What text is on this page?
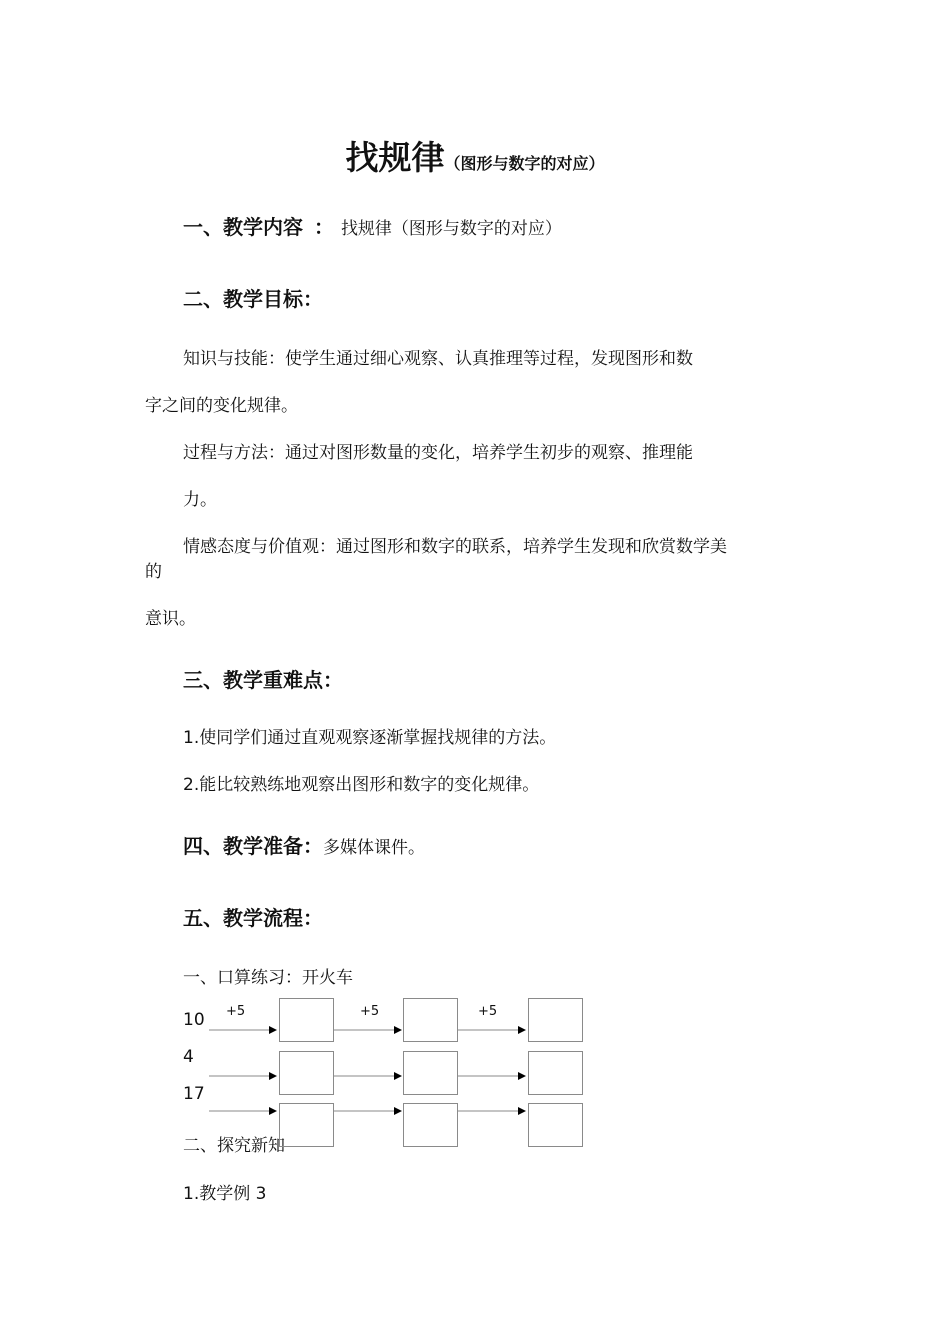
找规律（图形与数字的对应）
一、教学内容 ： 找规律（图形与数字的对应）
二、教学目标：
知识与技能：使学生通过细心观察、认真推理等过程，发现图形和数
字之间的变化规律。
过程与方法：通过对图形数量的变化，培养学生初步的观察、推理能
力。
情感态度与价值观：通过图形和数字的联系，培养学生发现和欣赏数学美
的
意识。
三、教学重难点：
1.使同学们通过直观观察逐渐掌握找规律的方法。
2.能比较熟练地观察出图形和数字的变化规律。
四、教学准备：多媒体课件。
五、教学流程：
一、口算练习：开火车
+5	+5	+5
10
4
17
二、探究新知
1.教学例 3
